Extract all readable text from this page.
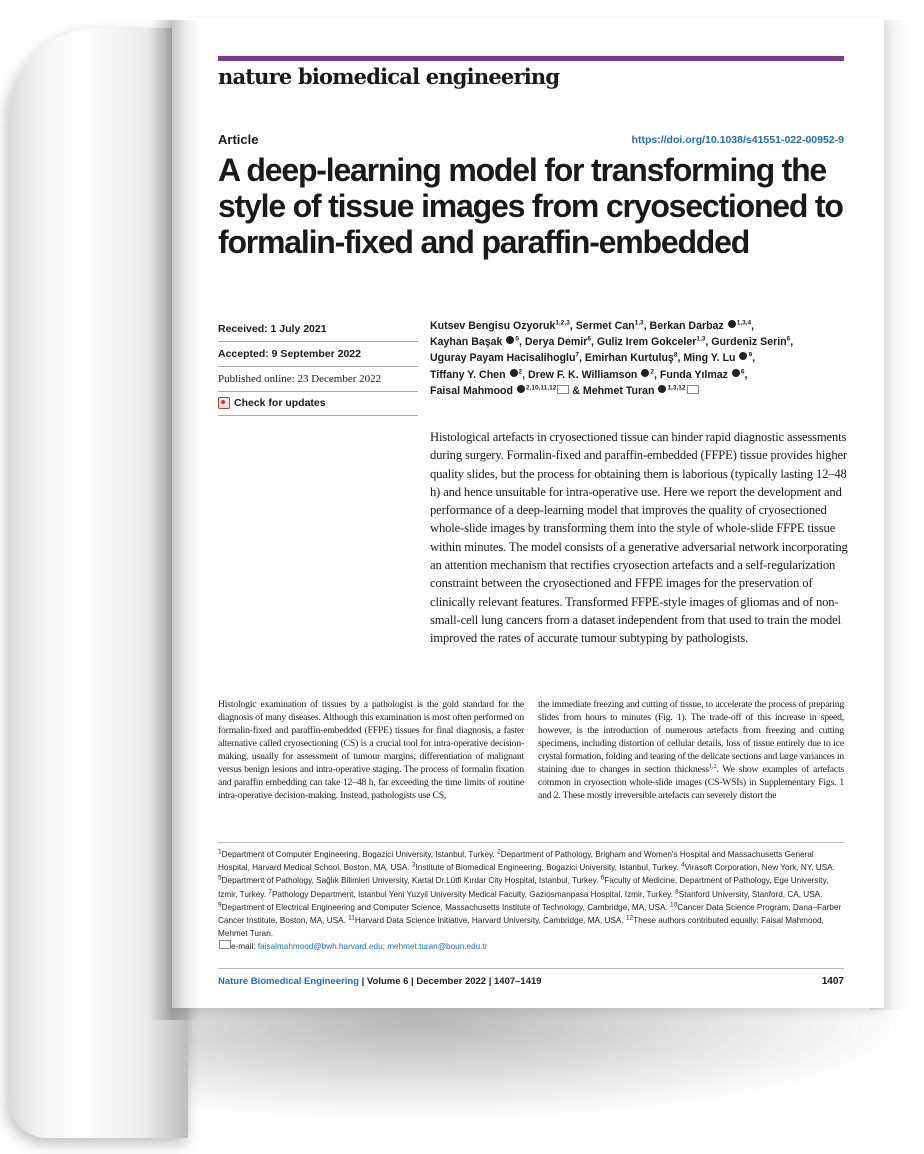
nature biomedical engineering
Article	https://doi.org/10.1038/s41551-022-00952-9
A deep-learning model for transforming the style of tissue images from cryosectioned to formalin-fixed and paraffin-embedded
Received: 1 July 2021
Accepted: 9 September 2022
Published online: 23 December 2022
Check for updates
Kutsev Bengisu Ozyoruk$^{1,2,3}$, Sermet Can$^{1,3}$, Berkan Darbaz $^{1,3,4}$,
Kayhan Başak $^5$, Derya Demir$^6$, Guliz Irem Gokceler$^{1,3}$, Gurdeniz Serin$^6$,
Uguray Payam Hacisalihoglu$^7$, Emirhan Kurtuluş$^8$, Ming Y. Lu $^9$,
Tiffany Y. Chen $^2$, Drew F. K. Williamson $^2$, Funda Yılmaz $^6$,
Faisal Mahmood $^{2,10,11,12}$ & Mehmet Turan $^{1,3,12}$
Histological artefacts in cryosectioned tissue can hinder rapid diagnostic assessments during surgery. Formalin-fixed and paraffin-embedded (FFPE) tissue provides higher quality slides, but the process for obtaining them is laborious (typically lasting 12–48 h) and hence unsuitable for intra-operative use. Here we report the development and performance of a deep-learning model that improves the quality of cryosectioned whole-slide images by transforming them into the style of whole-slide FFPE tissue within minutes. The model consists of a generative adversarial network incorporating an attention mechanism that rectifies cryosection artefacts and a self-regularization constraint between the cryosectioned and FFPE images for the preservation of clinically relevant features. Transformed FFPE-style images of gliomas and of non-small-cell lung cancers from a dataset independent from that used to train the model improved the rates of accurate tumour subtyping by pathologists.
Histologic examination of tissues by a pathologist is the gold standard for the diagnosis of many diseases. Although this examination is most often performed on formalin-fixed and paraffin-embedded (FFPE) tissues for final diagnosis, a faster alternative called cryosectioning (CS) is a crucial tool for intra-operative decision-making, usually for assessment of tumour margins, differentiation of malignant versus benign lesions and intra-operative staging. The process of formalin fixation and paraffin embedding can take 12–48 h, far exceeding the time limits of routine intra-operative decision-making. Instead, pathologists use CS,
the immediate freezing and cutting of tissue, to accelerate the process of preparing slides from hours to minutes (Fig. 1). The trade-off of this increase in speed, however, is the introduction of numerous artefacts from freezing and cutting specimens, including distortion of cellular details, loss of tissue entirely due to ice crystal formation, folding and tearing of the delicate sections and large variances in staining due to changes in section thickness$^{1,2}$. We show examples of artefacts common in cryosection whole-slide images (CS-WSIs) in Supplementary Figs. 1 and 2. These mostly irreversible artefacts can severely distort the
$^1$Department of Computer Engineering, Bogazici University, Istanbul, Turkey. $^2$Department of Pathology, Brigham and Women's Hospital and Massachusetts General Hospital, Harvard Medical School, Boston, MA, USA. $^3$Institute of Biomedical Engineering, Bogazici University, Istanbul, Turkey. $^4$Virasoft Corporation, New York, NY, USA. $^5$Department of Pathology, Sağlık Bilimleri University, Kartal Dr.Lütfi Kırdar City Hospital, Istanbul, Turkey. $^6$Faculty of Medicine, Department of Pathology, Ege University, Izmir, Turkey. $^7$Pathology Department, Istanbul Yeni Yuzyil University Medical Faculty, Gaziosmanpasa Hospital, Izmir, Turkey. $^8$Stanford University, Stanford, CA, USA. $^9$Department of Electrical Engineering and Computer Science, Massachusetts Institute of Technology, Cambridge, MA, USA. $^{10}$Cancer Data Science Program, Dana–Farber Cancer Institute, Boston, MA, USA. $^{11}$Harvard Data Science Initiative, Harvard University, Cambridge, MA, USA. $^{12}$These authors contributed equally: Faisal Mahmood, Mehmet Turan.
e-mail: faisalmahmood@bwh.harvard.edu; mehmet.turan@boun.edu.tr
Nature Biomedical Engineering | Volume 6 | December 2022 | 1407–1419	1407
